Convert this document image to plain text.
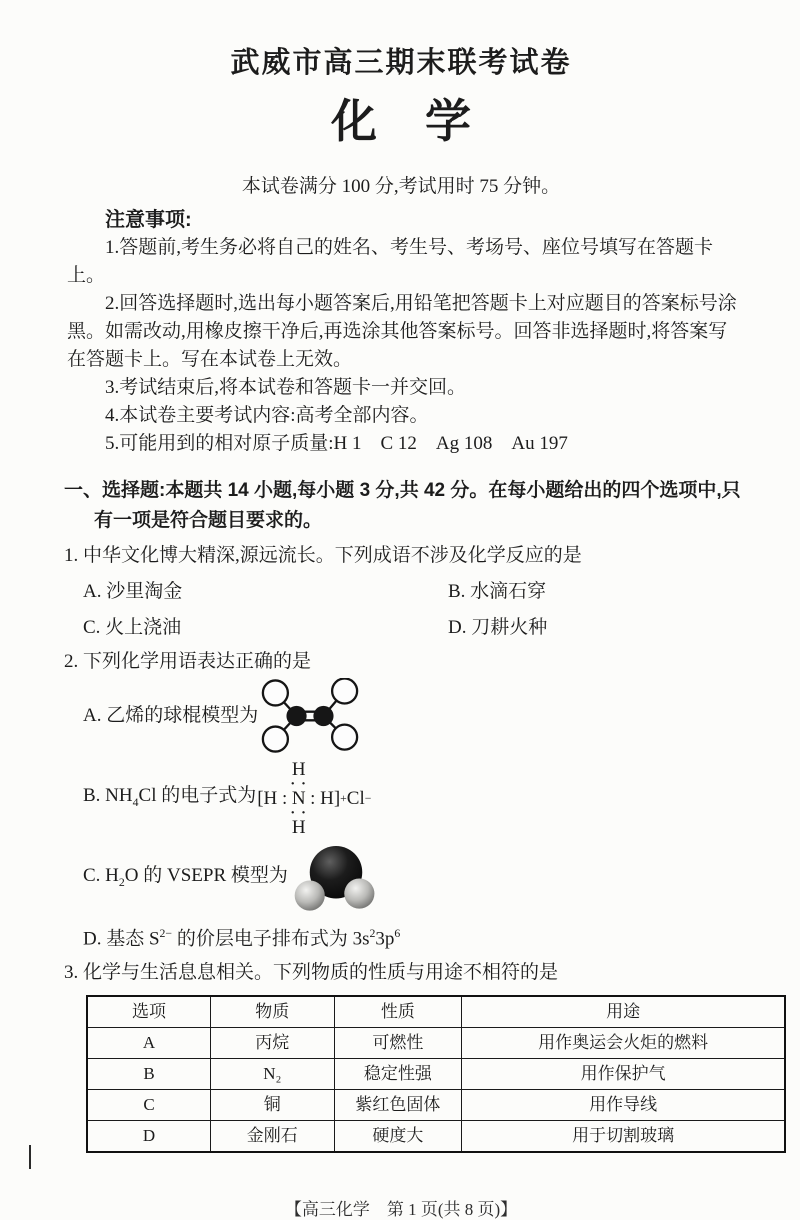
武威市高三期末联考试卷
化学
本试卷满分 100 分,考试用时 75 分钟。

注意事项:

1.答题前,考生务必将自己的姓名、考生号、考场号、座位号填写在答题卡上。

2.回答选择题时,选出每小题答案后,用铅笔把答题卡上对应题目的答案标号涂黑。如需改动,用橡皮擦干净后,再选涂其他答案标号。回答非选择题时,将答案写在答题卡上。写在本试卷上无效。

3.考试结束后,将本试卷和答题卡一并交回。

4.本试卷主要考试内容:高考全部内容。

5.可能用到的相对原子质量:H 1　C 12　Ag 108　Au 197

一、选择题:本题共 14 小题,每小题 3 分,共 42 分。在每小题给出的四个选项中,只有一项是符合题目要求的。
1. 中华文化博大精深,源远流长。下列成语不涉及化学反应的是
A. 沙里淘金	B. 水滴石穿
C. 火上浇油	D. 刀耕火种
2. 下列化学用语表达正确的是
A. 乙烯的球棍模型为
B. $NH_4Cl$ 的电子式为 [H :
H
· ·
N
· ·
H
: H] + Cl −
C. $H_2O$ 的 VSEPR 模型为
D. 基态 $S^{2-}$ 的价层电子排布式为 $3s^23p^6$
3. 化学与生活息息相关。下列物质的性质与用途不相符的是
选项	物质	性质	用途
A	丙烷	可燃性	用作奥运会火炬的燃料
B	N₂	稳定性强	用作保护气
C	铜	紫红色固体	用作导线
D	金刚石	硬度大	用于切割玻璃
【高三化学　第 1 页(共 8 页)】
